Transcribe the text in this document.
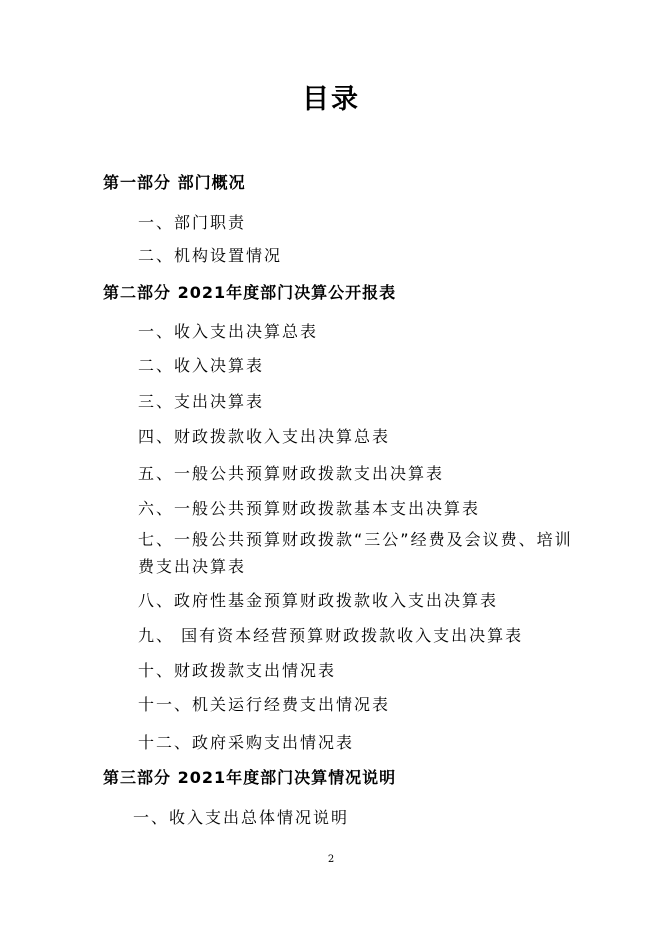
目录
第一部分 部门概况
一、部门职责
二、机构设置情况
第二部分 2021年度部门决算公开报表
一、收入支出决算总表
二、收入决算表
三、支出决算表
四、财政拨款收入支出决算总表
五、一般公共预算财政拨款支出决算表
六、一般公共预算财政拨款基本支出决算表
七、一般公共预算财政拨款“三公”经费及会议费、培训费支出决算表
八、政府性基金预算财政拨款收入支出决算表
九、 国有资本经营预算财政拨款收入支出决算表
十、财政拨款支出情况表
十一、机关运行经费支出情况表
十二、政府采购支出情况表
第三部分 2021年度部门决算情况说明
一、收入支出总体情况说明
2
